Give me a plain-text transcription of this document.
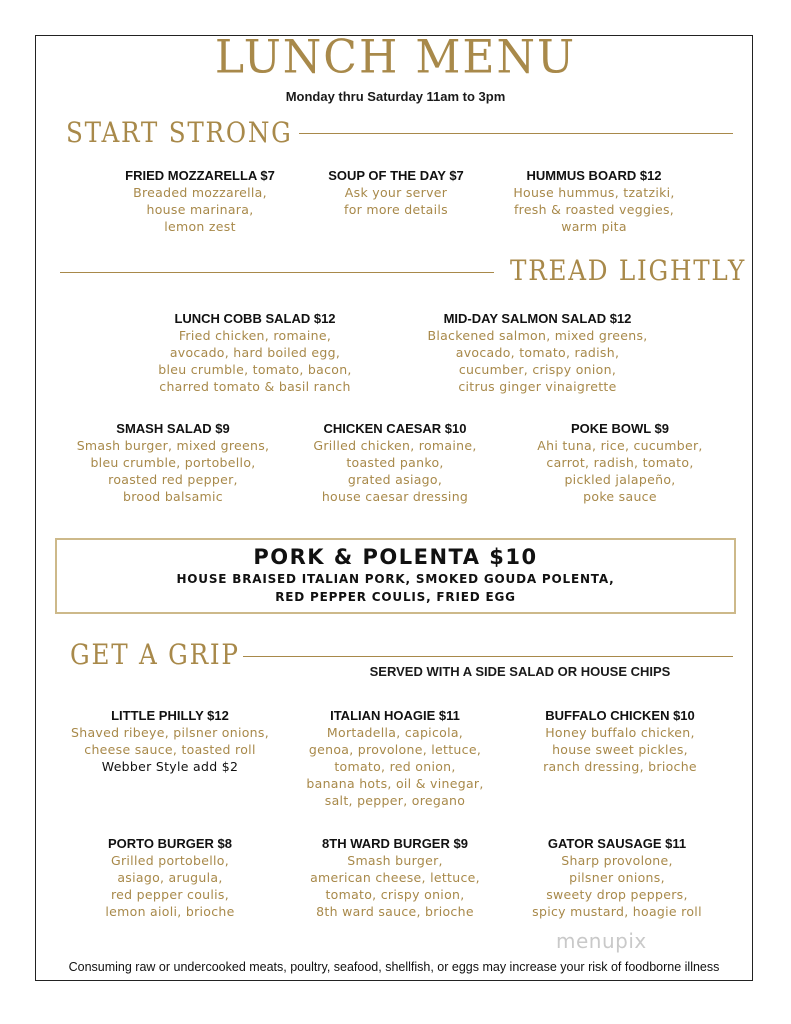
LUNCH MENU
Monday thru Saturday 11am to 3pm
START STRONG
FRIED MOZZARELLA $7
Breaded mozzarella,
house marinara,
lemon zest
SOUP OF THE DAY $7
Ask your server
for more details
HUMMUS BOARD $12
House hummus, tzatziki,
fresh & roasted veggies,
warm pita
TREAD LIGHTLY
LUNCH COBB SALAD $12
Fried chicken, romaine,
avocado, hard boiled egg,
bleu crumble, tomato, bacon,
charred tomato & basil ranch
MID-DAY SALMON SALAD $12
Blackened salmon, mixed greens,
avocado, tomato, radish,
cucumber, crispy onion,
citrus ginger vinaigrette
SMASH SALAD $9
Smash burger, mixed greens,
bleu crumble, portobello,
roasted red pepper,
brood balsamic
CHICKEN CAESAR $10
Grilled chicken, romaine,
toasted panko,
grated asiago,
house caesar dressing
POKE BOWL $9
Ahi tuna, rice, cucumber,
carrot, radish, tomato,
pickled jalapeño,
poke sauce
PORK & POLENTA $10
HOUSE BRAISED ITALIAN PORK, SMOKED GOUDA POLENTA,
RED PEPPER COULIS, FRIED EGG
GET A GRIP
SERVED WITH A SIDE SALAD OR HOUSE CHIPS
LITTLE PHILLY $12
Shaved ribeye, pilsner onions,
cheese sauce, toasted roll
Webber Style add $2
ITALIAN HOAGIE $11
Mortadella, capicola,
genoa, provolone, lettuce,
tomato, red onion,
banana hots, oil & vinegar,
salt, pepper, oregano
BUFFALO CHICKEN $10
Honey buffalo chicken,
house sweet pickles,
ranch dressing, brioche
PORTO BURGER $8
Grilled portobello,
asiago, arugula,
red pepper coulis,
lemon aioli, brioche
8TH WARD BURGER $9
Smash burger,
american cheese, lettuce,
tomato, crispy onion,
8th ward sauce, brioche
GATOR SAUSAGE $11
Sharp provolone,
pilsner onions,
sweety drop peppers,
spicy mustard, hoagie roll
menupix
Consuming raw or undercooked meats, poultry, seafood, shellfish, or eggs may increase your risk of foodborne illness
